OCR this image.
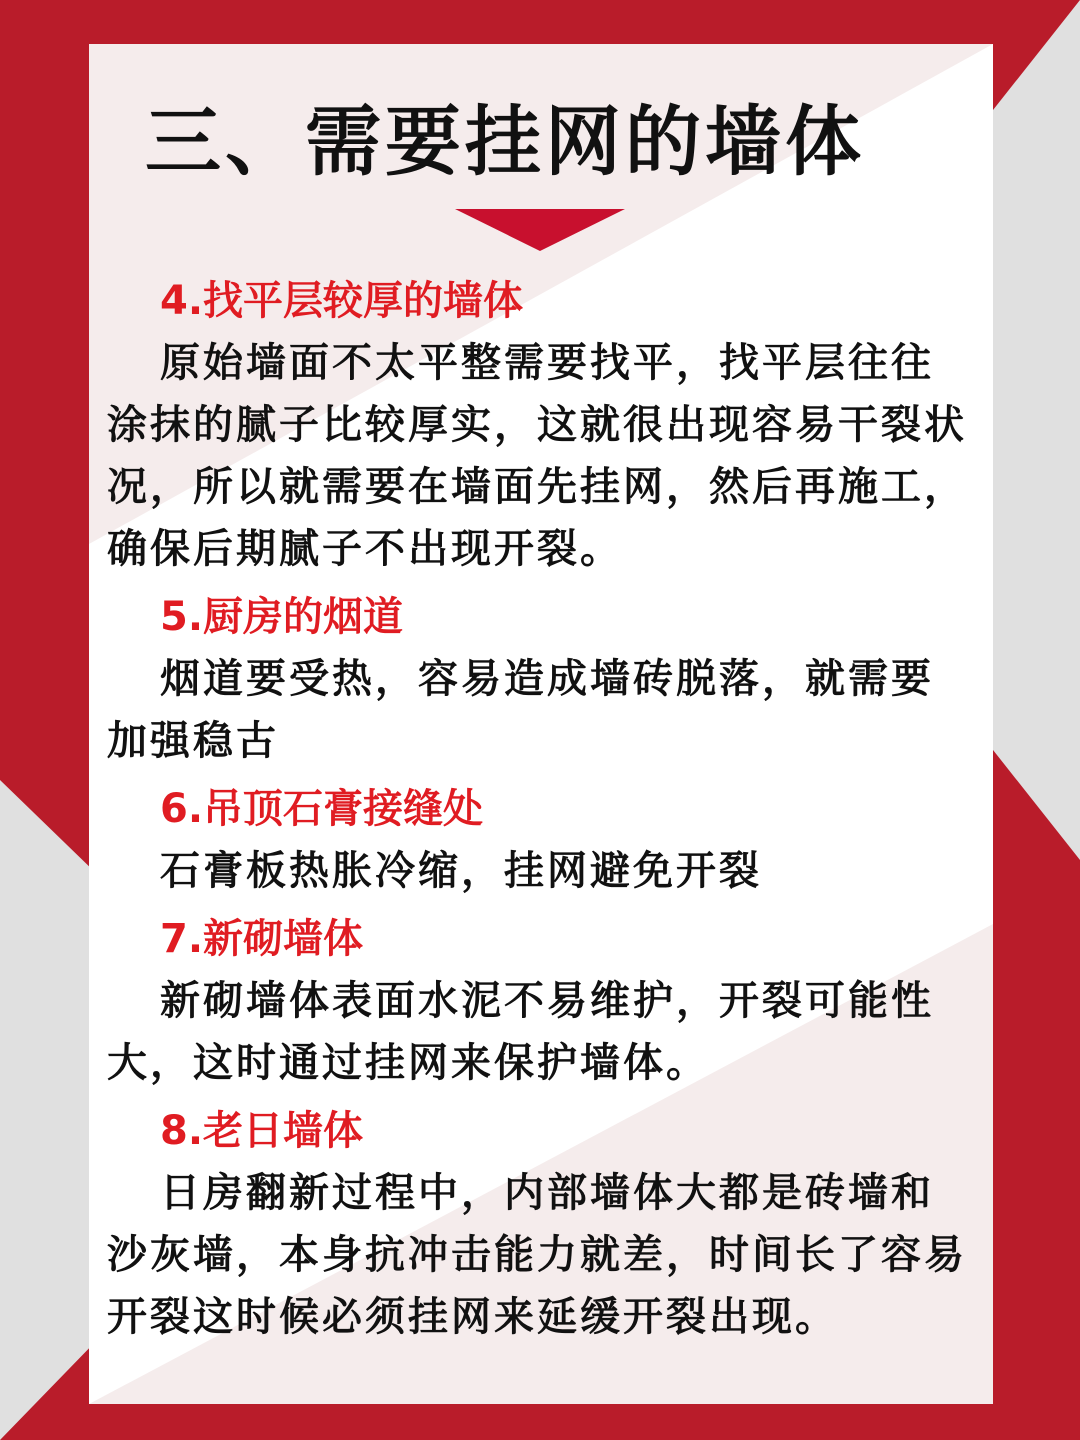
三、需要挂网的墙体

4.找平层较厚的墙体

原始墙面不太平整需要找平，找平层往往涂抹的腻子比较厚实，这就很出现容易干裂状况，所以就需要在墙面先挂网，然后再施工，确保后期腻子不出现开裂。

5.厨房的烟道

烟道要受热，容易造成墙砖脱落，就需要加强稳古

6.吊顶石膏接缝处

石膏板热胀冷缩，挂网避免开裂

7.新砌墙体

新砌墙体表面水泥不易维护，开裂可能性大，这时通过挂网来保护墙体。

8.老日墙体

日房翻新过程中，内部墙体大都是砖墙和沙灰墙，本身抗冲击能力就差，时间长了容易开裂这时候必须挂网来延缓开裂出现。
